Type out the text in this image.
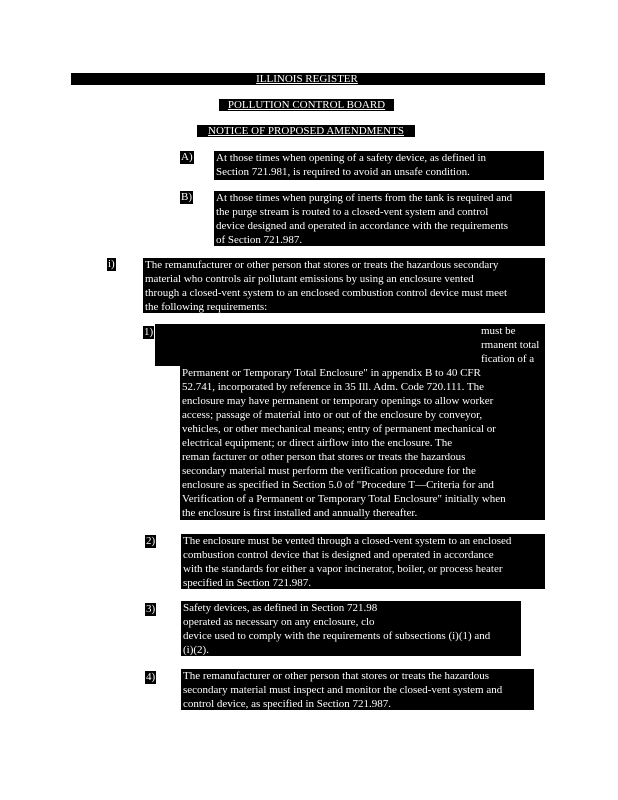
ILLINOIS REGISTER
POLLUTION CONTROL BOARD
NOTICE OF PROPOSED AMENDMENTS
A) At those times when opening of a safety device, as defined in
Section 721.981, is required to avoid an unsafe condition.
B) At those times when purging of inerts from the tank is required and
the purge stream is routed to a closed-vent system and control
device designed and operated in accordance with the requirements
of Section 721.987.
i)	The remanufacturer or other person that stores or treats the hazardous secondary
material who controls air pollutant emissions by using an enclosure vented
through a closed-vent system to an enclosed combustion control device must meet
the following requirements:
1)	must be
rmanent total
fication of a
Permanent or Temporary Total Enclosure" in appendix B to 40 CFR
52.741, incorporated by reference in 35 Ill. Adm. Code 720.111. The
enclosure may have permanent or temporary openings to allow worker
access; passage of material into or out of the enclosure by conveyor,
vehicles, or other mechanical means; entry of permanent mechanical or
electrical equipment; or direct airflow into the enclosure. The
reman facturer or other person that stores or treats the hazardous
secondary material must perform the verification procedure for the
enclosure as specified in Section 5.0 of "Procedure T—Criteria for and
Verification of a Permanent or Temporary Total Enclosure" initially when
the enclosure is first installed and annually thereafter.
2)	The enclosure must be vented through a closed-vent system to an enclosed
combustion control device that is designed and operated in accordance
with the standards for either a vapor incinerator, boiler, or process heater
specified in Section 721.987.
3)	Safety devices, as defined in Section 721.98
operated as necessary on any enclosure, clo
device used to comply with the requirements of subsections (i)(1) and
(i)(2).
4)	The remanufacturer or other person that stores or treats the hazardous
secondary material must inspect and monitor the closed-vent system and
control device, as specified in Section 721.987.
